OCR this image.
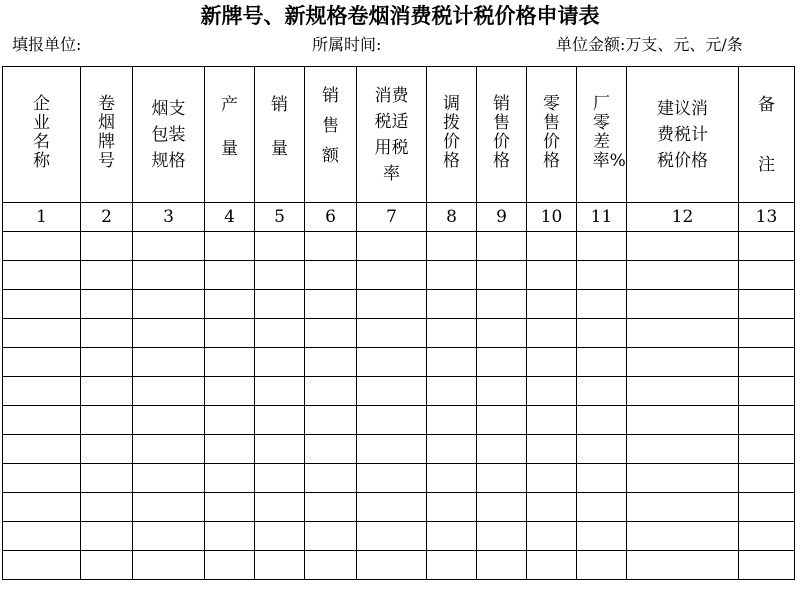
新牌号、新规格卷烟消费税计税价格申请表
填报单位:	所属时间:	单位金额:万支、元、元/条
企业名称	卷烟牌号	烟支包装规格	产量	销量	销售额	消费税适用税率	调拨价格	销售价格	零售价格	厂零差率%	建议消费税计税价格	备注
1	2	3	4	5	6	7	8	9	10	11	12	13
